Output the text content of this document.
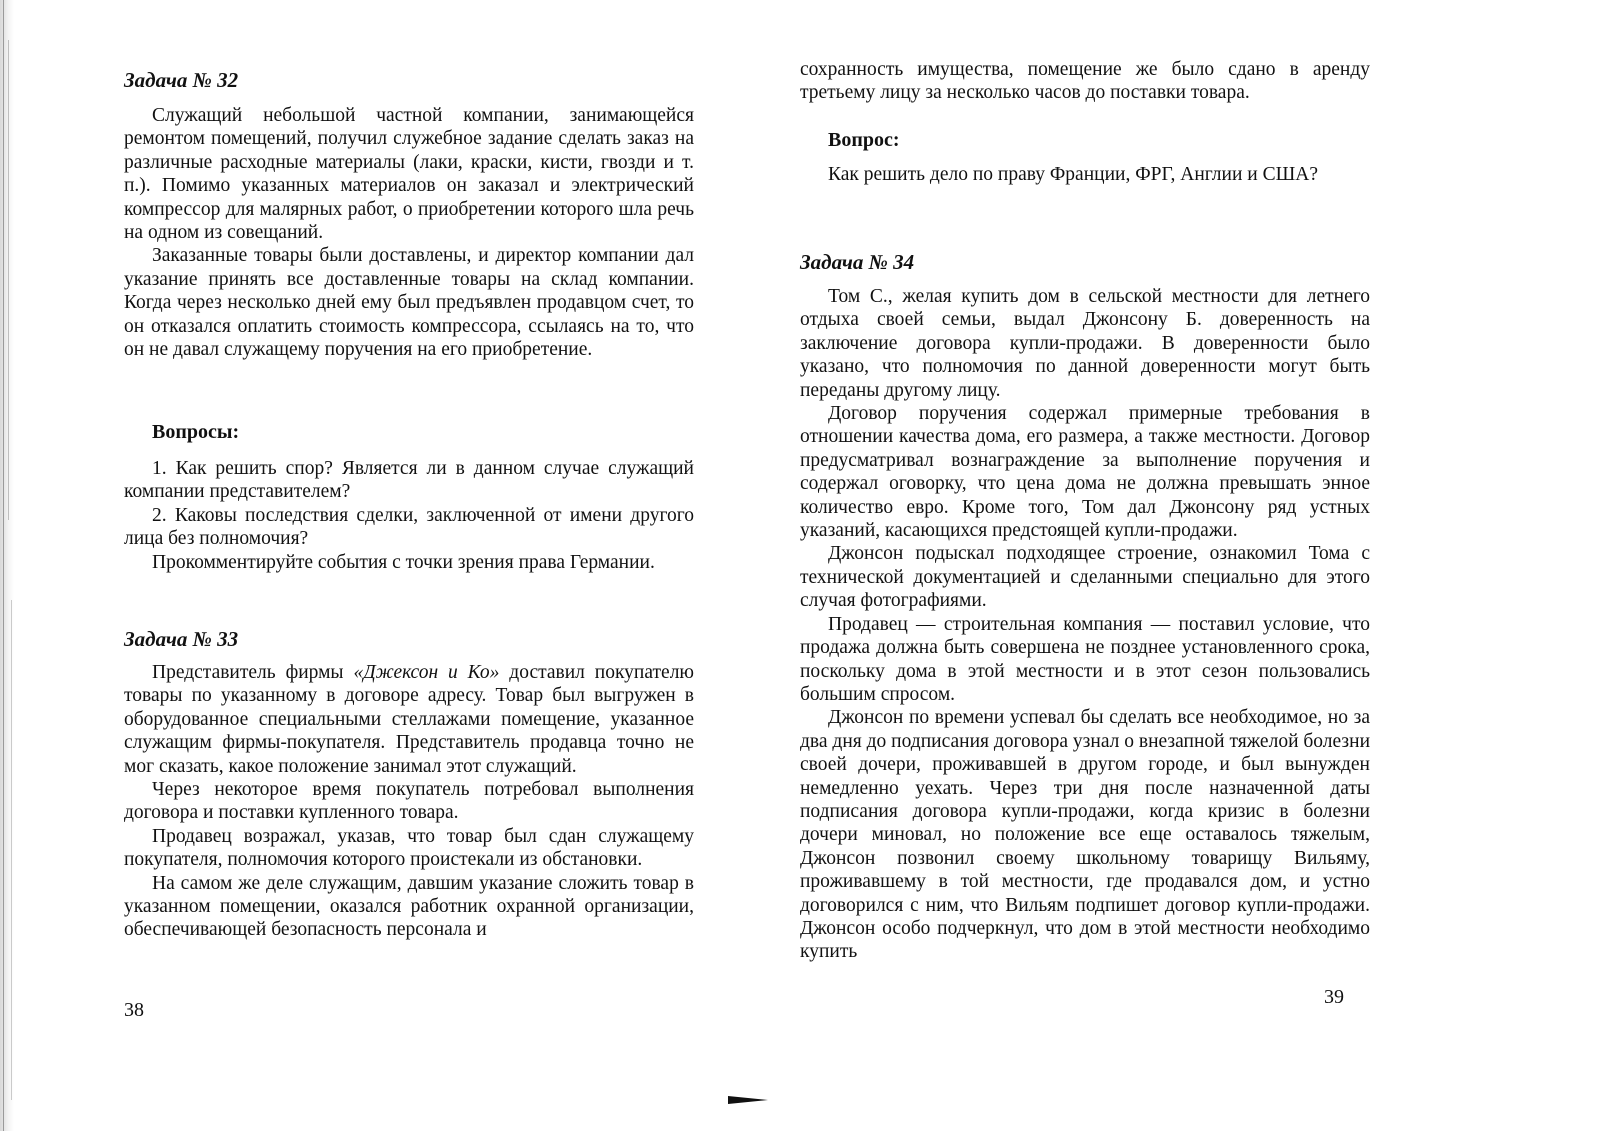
Задача № 32

Служащий небольшой частной компании, занимающейся ремонтом помещений, получил служебное задание сделать заказ на различные расходные материалы (лаки, краски, кисти, гвозди и т. п.). Помимо указанных материалов он заказал и электрический компрессор для малярных работ, о приобретении которого шла речь на одном из совещаний.

Заказанные товары были доставлены, и директор компании дал указание принять все доставленные товары на склад компании. Когда через несколько дней ему был предъявлен продавцом счет, то он отказался оплатить стоимость компрессора, ссылаясь на то, что он не давал служащему поручения на его приобретение.

Вопросы:

1. Как решить спор? Является ли в данном случае служащий компании представителем?

2. Каковы последствия сделки, заключенной от имени другого лица без полномочия?

Прокомментируйте события с точки зрения права Германии.

Задача № 33

Представитель фирмы «Джексон и Ко» доставил покупателю товары по указанному в договоре адресу. Товар был выгружен в оборудованное специальными стеллажами помещение, указанное служащим фирмы-покупателя. Представитель продавца точно не мог сказать, какое положение занимал этот служащий.

Через некоторое время покупатель потребовал выполнения договора и поставки купленного товара.

Продавец возражал, указав, что товар был сдан служащему покупателя, полномочия которого проистекали из обстановки.

На самом же деле служащим, давшим указание сложить товар в указанном помещении, оказался работник охранной организации, обеспечивающей безопасность персонала и

38

сохранность имущества, помещение же было сдано в аренду третьему лицу за несколько часов до поставки товара.

Вопрос:

Как решить дело по праву Франции, ФРГ, Англии и США?

Задача № 34

Том С., желая купить дом в сельской местности для летнего отдыха своей семьи, выдал Джонсону Б. доверенность на заключение договора купли-продажи. В доверенности было указано, что полномочия по данной доверенности могут быть переданы другому лицу.

Договор поручения содержал примерные требования в отношении качества дома, его размера, а также местности. Договор предусматривал вознаграждение за выполнение поручения и содержал оговорку, что цена дома не должна превышать энное количество евро. Кроме того, Том дал Джонсону ряд устных указаний, касающихся предстоящей купли-продажи.

Джонсон подыскал подходящее строение, ознакомил Тома с технической документацией и сделанными специально для этого случая фотографиями.

Продавец — строительная компания — поставил условие, что продажа должна быть совершена не позднее установленного срока, поскольку дома в этой местности и в этот сезон пользовались большим спросом.

Джонсон по времени успевал бы сделать все необходимое, но за два дня до подписания договора узнал о внезапной тяжелой болезни своей дочери, проживавшей в другом городе, и был вынужден немедленно уехать. Через три дня после назначенной даты подписания договора купли-продажи, когда кризис в болезни дочери миновал, но положение все еще оставалось тяжелым, Джонсон позвонил своему школьному товарищу Вильяму, проживавшему в той местности, где продавался дом, и устно договорился с ним, что Вильям подпишет договор купли-продажи. Джонсон особо подчеркнул, что дом в этой местности необходимо купить

39
